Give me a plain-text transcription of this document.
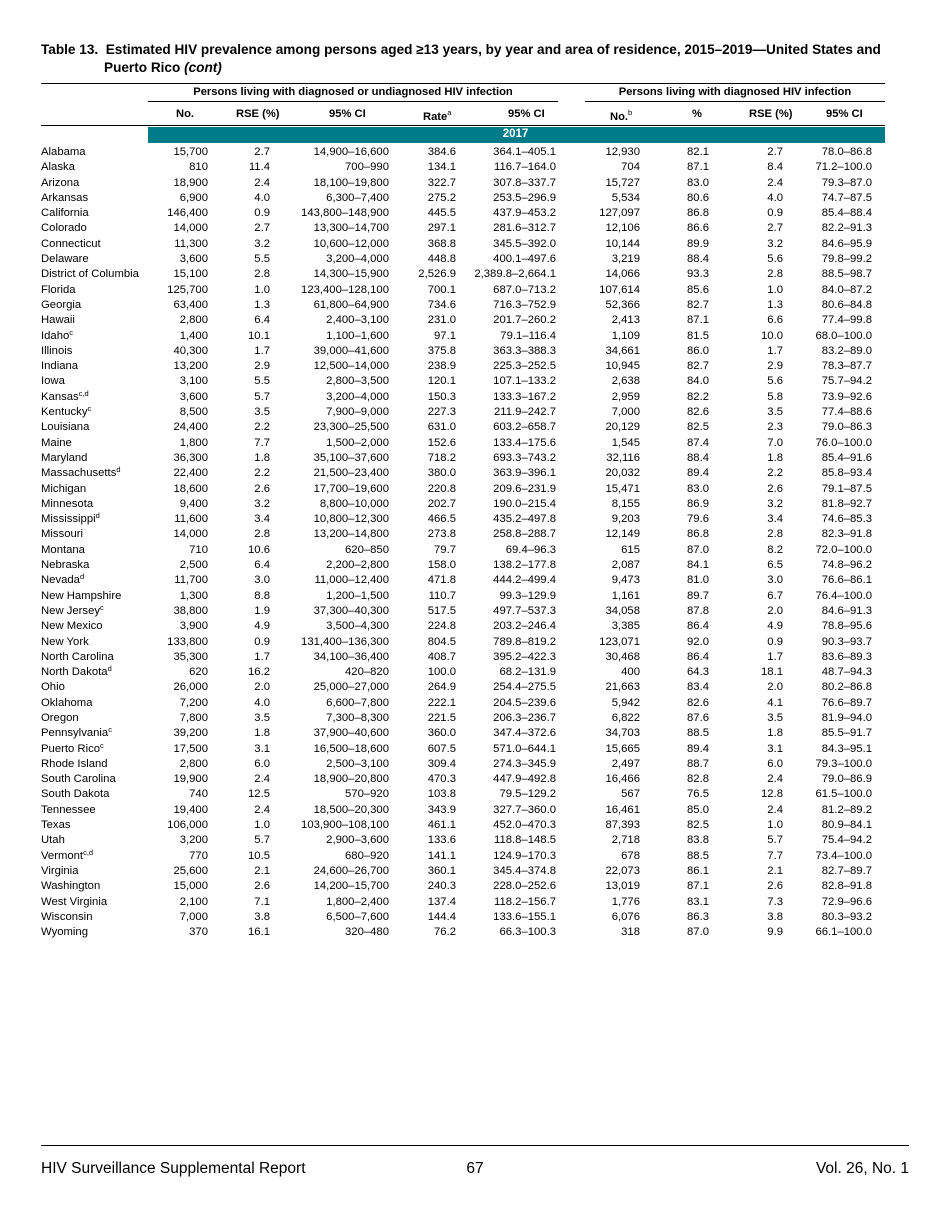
Table 13. Estimated HIV prevalence among persons aged ≥13 years, by year and area of residence, 2015–2019—United States and
Puerto Rico (cont)
Persons living with diagnosed or undiagnosed HIV infection	Persons living with diagnosed HIV infection
No.	RSE (%)	95% CI	Rate$^a$	95% CI	No.$^b$	%	RSE (%)	95% CI
2017
Alabama	15,700	2.7	14,900–16,600	384.6	364.1–405.1	12,930	82.1	2.7	78.0–86.8
Alaska	810	11.4	700–990	134.1	116.7–164.0	704	87.1	8.4	71.2–100.0
Arizona	18,900	2.4	18,100–19,800	322.7	307.8–337.7	15,727	83.0	2.4	79.3–87.0
Arkansas	6,900	4.0	6,300–7,400	275.2	253.5–296.9	5,534	80.6	4.0	74.7–87.5
California	146,400	0.9	143,800–148,900	445.5	437.9–453.2	127,097	86.8	0.9	85.4–88.4
Colorado	14,000	2.7	13,300–14,700	297.1	281.6–312.7	12,106	86.6	2.7	82.2–91.3
Connecticut	11,300	3.2	10,600–12,000	368.8	345.5–392.0	10,144	89.9	3.2	84.6–95.9
Delaware	3,600	5.5	3,200–4,000	448.8	400.1–497.6	3,219	88.4	5.6	79.8–99.2
District of Columbia	15,100	2.8	14,300–15,900	2,526.9 2,389.8–2,664.1	14,066	93.3	2.8	88.5–98.7
Florida	125,700	1.0	123,400–128,100	700.1	687.0–713.2	107,614	85.6	1.0	84.0–87.2
Georgia	63,400	1.3	61,800–64,900	734.6	716.3–752.9	52,366	82.7	1.3	80.6–84.8
Hawaii	2,800	6.4	2,400–3,100	231.0	201.7–260.2	2,413	87.1	6.6	77.4–99.8
Idaho$^c$	1,400	10.1	1,100–1,600	97.1	79.1–116.4	1,109	81.5	10.0	68.0–100.0
Illinois	40,300	1.7	39,000–41,600	375.8	363.3–388.3	34,661	86.0	1.7	83.2–89.0
Indiana	13,200	2.9	12,500–14,000	238.9	225.3–252.5	10,945	82.7	2.9	78.3–87.7
Iowa	3,100	5.5	2,800–3,500	120.1	107.1–133.2	2,638	84.0	5.6	75.7–94.2
Kansas$^{c,d}$	3,600	5.7	3,200–4,000	150.3	133.3–167.2	2,959	82.2	5.8	73.9–92.6
Kentucky$^c$	8,500	3.5	7,900–9,000	227.3	211.9–242.7	7,000	82.6	3.5	77.4–88.6
Louisiana	24,400	2.2	23,300–25,500	631.0	603.2–658.7	20,129	82.5	2.3	79.0–86.3
Maine	1,800	7.7	1,500–2,000	152.6	133.4–175.6	1,545	87.4	7.0	76.0–100.0
Maryland	36,300	1.8	35,100–37,600	718.2	693.3–743.2	32,116	88.4	1.8	85.4–91.6
Massachusetts$^d$	22,400	2.2	21,500–23,400	380.0	363.9–396.1	20,032	89.4	2.2	85.8–93.4
Michigan	18,600	2.6	17,700–19,600	220.8	209.6–231.9	15,471	83.0	2.6	79.1–87.5
Minnesota	9,400	3.2	8,800–10,000	202.7	190.0–215.4	8,155	86.9	3.2	81.8–92.7
Mississippi$^d$	11,600	3.4	10,800–12,300	466.5	435.2–497.8	9,203	79.6	3.4	74.6–85.3
Missouri	14,000	2.8	13,200–14,800	273.8	258.8–288.7	12,149	86.8	2.8	82.3–91.8
Montana	710	10.6	620–850	79.7	69.4–96.3	615	87.0	8.2	72.0–100.0
Nebraska	2,500	6.4	2,200–2,800	158.0	138.2–177.8	2,087	84.1	6.5	74.8–96.2
Nevada$^d$	11,700	3.0	11,000–12,400	471.8	444.2–499.4	9,473	81.0	3.0	76.6–86.1
New Hampshire	1,300	8.8	1,200–1,500	110.7	99.3–129.9	1,161	89.7	6.7	76.4–100.0
New Jersey$^c$	38,800	1.9	37,300–40,300	517.5	497.7–537.3	34,058	87.8	2.0	84.6–91.3
New Mexico	3,900	4.9	3,500–4,300	224.8	203.2–246.4	3,385	86.4	4.9	78.8–95.6
New York	133,800	0.9	131,400–136,300	804.5	789.8–819.2	123,071	92.0	0.9	90.3–93.7
North Carolina	35,300	1.7	34,100–36,400	408.7	395.2–422.3	30,468	86.4	1.7	83.6–89.3
North Dakota$^d$	620	16.2	420–820	100.0	68.2–131.9	400	64.3	18.1	48.7–94.3
Ohio	26,000	2.0	25,000–27,000	264.9	254.4–275.5	21,663	83.4	2.0	80.2–86.8
Oklahoma	7,200	4.0	6,600–7,800	222.1	204.5–239.6	5,942	82.6	4.1	76.6–89.7
Oregon	7,800	3.5	7,300–8,300	221.5	206.3–236.7	6,822	87.6	3.5	81.9–94.0
Pennsylvania$^c$	39,200	1.8	37,900–40,600	360.0	347.4–372.6	34,703	88.5	1.8	85.5–91.7
Puerto Rico$^c$	17,500	3.1	16,500–18,600	607.5	571.0–644.1	15,665	89.4	3.1	84.3–95.1
Rhode Island	2,800	6.0	2,500–3,100	309.4	274.3–345.9	2,497	88.7	6.0	79.3–100.0
South Carolina	19,900	2.4	18,900–20,800	470.3	447.9–492.8	16,466	82.8	2.4	79.0–86.9
South Dakota	740	12.5	570–920	103.8	79.5–129.2	567	76.5	12.8	61.5–100.0
Tennessee	19,400	2.4	18,500–20,300	343.9	327.7–360.0	16,461	85.0	2.4	81.2–89.2
Texas	106,000	1.0	103,900–108,100	461.1	452.0–470.3	87,393	82.5	1.0	80.9–84.1
Utah	3,200	5.7	2,900–3,600	133.6	118.8–148.5	2,718	83.8	5.7	75.4–94.2
Vermont$^{c,d}$	770	10.5	680–920	141.1	124.9–170.3	678	88.5	7.7	73.4–100.0
Virginia	25,600	2.1	24,600–26,700	360.1	345.4–374.8	22,073	86.1	2.1	82.7–89.7
Washington	15,000	2.6	14,200–15,700	240.3	228.0–252.6	13,019	87.1	2.6	82.8–91.8
West Virginia	2,100	7.1	1,800–2,400	137.4	118.2–156.7	1,776	83.1	7.3	72.9–96.6
Wisconsin	7,000	3.8	6,500–7,600	144.4	133.6–155.1	6,076	86.3	3.8	80.3–93.2
Wyoming	370	16.1	320–480	76.2	66.3–100.3	318	87.0	9.9	66.1–100.0
HIV Surveillance Supplemental Report	67	Vol. 26, No. 1
